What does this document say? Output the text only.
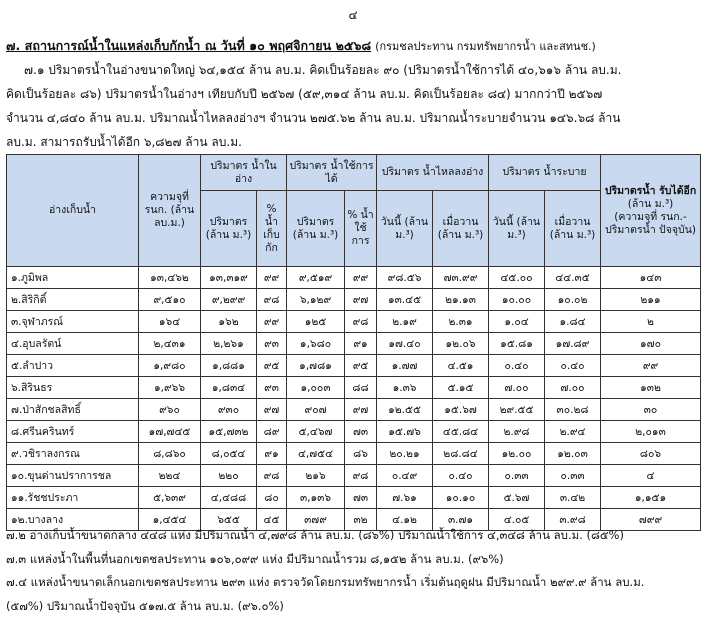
๔
๗. สถานการณ์น้ำในแหล่งเก็บกักน้ำ ณ วันที่ ๑๐ พฤศจิกายน ๒๕๖๘ (กรมชลประทาน กรมทรัพยากรน้ำ และสทนช.)
๗.๑ ปริมาตรน้ำในอ่างขนาดใหญ่ ๖๔,๑๕๔ ล้าน ลบ.ม. คิดเป็นร้อยละ ๙๐ (ปริมาตรน้ำใช้การได้ ๔๐,๖๑๖ ล้าน ลบ.ม.
คิดเป็นร้อยละ ๘๖) ปริมาตรน้ำในอ่างฯ เทียบกับปี ๒๕๖๗ (๕๙,๓๑๔ ล้าน ลบ.ม. คิดเป็นร้อยละ ๘๔) มากกว่าปี ๒๕๖๗
จำนวน ๔,๘๔๐ ล้าน ลบ.ม. ปริมาณน้ำไหลลงอ่างฯ จำนวน ๒๗๕.๖๒ ล้าน ลบ.ม. ปริมาณน้ำระบายจำนวน ๑๔๖.๖๘ ล้าน
ลบ.ม. สามารถรับน้ำได้อีก ๖,๘๒๗ ล้าน ลบ.ม.
อ่างเก็บน้ำ	ความจุที่ รนก. (ล้าน ลบ.ม.)	ปริมาตร น้ำในอ่าง		ปริมาตร น้ำใช้การได้		ปริมาตร น้ำไหลลงอ่าง		ปริมาตร น้ำระบาย		ปริมาตรน้ำ รับได้อีก
(ล้าน ม.³)
(ความจุที่ รนก.- ปริมาตรน้ำ ปัจจุบัน)

		ปริมาตร (ล้าน ม.³)	% น้ำ เก็บ กัก	ปริมาตร (ล้าน ม.³)	% น้ำใช้ การ	วันนี้ (ล้าน ม.³)	เมื่อวาน (ล้าน ม.³)	วันนี้ (ล้าน ม.³)	เมื่อวาน (ล้าน ม.³)	
๑.ภูมิพล	๑๓,๔๖๒	๑๓,๓๑๙	๙๙	๙,๕๑๙	๙๙	๙๘.๕๖	๗๓.๙๙	๔๕.๐๐	๔๔.๓๕	๑๔๓
๒.สิริกิติ์	๙,๕๑๐	๙,๒๙๙	๙๘	๖,๑๒๙	๙๗	๑๓.๔๕	๒๑.๑๓	๑๐.๐๐	๑๐.๐๒	๒๑๑
๓.จุฬาภรณ์	๑๖๔	๑๖๒	๙๙	๑๒๕	๙๘	๒.๑๙	๒.๓๑	๑.๐๔	๑.๘๔	๒
๔.อุบลรัตน์	๒,๔๓๑	๒,๒๖๑	๙๓	๑,๖๘๐	๙๑	๑๗.๔๐	๑๒.๐๖	๑๕.๘๑	๑๗.๘๙	๑๗๐
๕.ลำปาว	๑,๙๘๐	๑,๘๘๑	๙๕	๑,๗๘๑	๙๕	๑.๗๗	๔.๕๑	๐.๔๐	๐.๔๐	๙๙
๖.สิรินธร	๑,๙๖๖	๑,๘๓๔	๙๓	๑,๐๐๓	๘๘	๑.๓๖	๕.๑๕	๗.๐๐	๗.๐๐	๑๓๒
๗.ป่าสักชลสิทธิ์	๙๖๐	๙๓๐	๙๗	๙๐๗	๙๗	๑๒.๕๕	๑๕.๖๗	๒๙.๕๕	๓๐.๒๘	๓๐
๘.ศรีนครินทร์	๑๗,๗๔๕	๑๕,๗๓๒	๘๙	๕,๔๖๗	๗๓	๑๕.๗๖	๔๕.๘๔	๒.๙๘	๒.๙๔	๒,๐๑๓
๙.วชิราลงกรณ	๘,๘๖๐	๘,๐๕๔	๙๑	๔,๗๕๔	๘๖	๒๐.๒๑	๒๘.๘๔	๑๒.๐๐	๑๒.๐๓	๘๐๖
๑๐.ขุนด่านปราการชล	๒๒๔	๒๒๐	๙๘	๒๑๖	๙๘	๐.๔๙	๐.๔๐	๐.๓๓	๐.๓๓	๔
๑๑.รัชชประภา	๕,๖๓๙	๔,๔๘๘	๘๐	๓,๑๓๖	๗๓	๗.๖๑	๑๐.๑๐	๕.๖๗	๓.๔๒	๑,๑๕๑
๑๒.บางลาง	๑,๔๕๔	๖๕๕	๔๕	๓๗๙	๓๒	๔.๑๒	๓.๗๑	๔.๐๕	๓.๙๘	๗๙๙
๗.๒ อ่างเก็บน้ำขนาดกลาง ๔๔๘ แห่ง มีปริมาณน้ำ ๔,๗๙๘ ล้าน ลบ.ม. (๘๖%) ปริมาณน้ำใช้การ ๔,๓๔๘ ล้าน ลบ.ม. (๘๕%)
๗.๓ แหล่งน้ำในพื้นที่นอกเขตชลประทาน ๑๐๖,๐๙๙ แห่ง มีปริมาณน้ำรวม ๘,๑๕๒ ล้าน ลบ.ม. (๙๖%)
๗.๔ แหล่งน้ำขนาดเล็กนอกเขตชลประทาน ๒๙๓ แห่ง ตรวจวัดโดยกรมทรัพยากรน้ำ เริ่มต้นฤดูฝน มีปริมาณน้ำ ๒๙๙.๙ ล้าน ลบ.ม.
(๕๗%) ปริมาณน้ำปัจจุบัน ๕๑๗.๕ ล้าน ลบ.ม. (๙๖.๐%)
